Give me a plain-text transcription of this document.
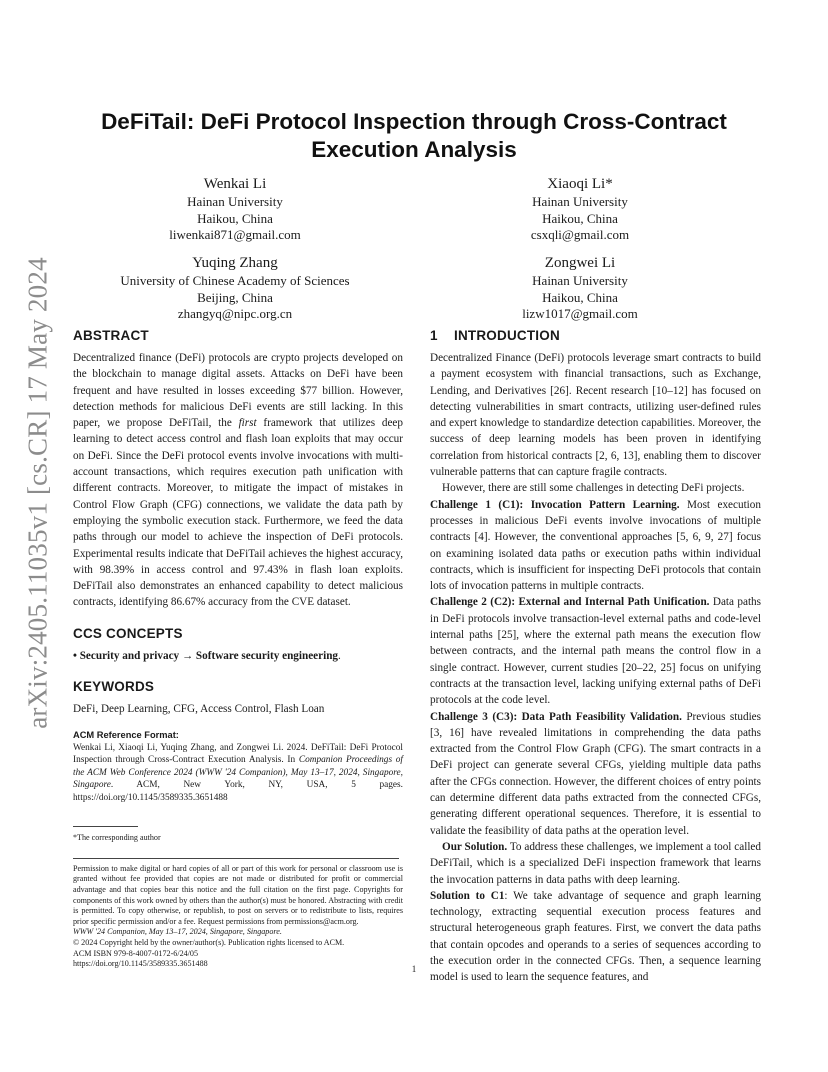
arXiv:2405.11035v1 [cs.CR] 17 May 2024
DeFiTail: DeFi Protocol Inspection through Cross-Contract
Execution Analysis
Wenkai Li
Hainan University
Haikou, China
liwenkai871@gmail.com
Xiaoqi Li*
Hainan University
Haikou, China
csxqli@gmail.com
Yuqing Zhang
University of Chinese Academy of Sciences
Beijing, China
zhangyq@nipc.org.cn
Zongwei Li
Hainan University
Haikou, China
lizw1017@gmail.com
ABSTRACT

Decentralized finance (DeFi) protocols are crypto projects developed on the blockchain to manage digital assets. Attacks on DeFi have been frequent and have resulted in losses exceeding $77 billion. However, detection methods for malicious DeFi events are still lacking. In this paper, we propose DeFiTail, the first framework that utilizes deep learning to detect access control and flash loan exploits that may occur on DeFi. Since the DeFi protocol events involve invocations with multi-account transactions, which requires execution path unification with different contracts. Moreover, to mitigate the impact of mistakes in Control Flow Graph (CFG) connections, we validate the data path by employing the symbolic execution stack. Furthermore, we feed the data paths through our model to achieve the inspection of DeFi protocols. Experimental results indicate that DeFiTail achieves the highest accuracy, with 98.39% in access control and 97.43% in flash loan exploits. DeFiTail also demonstrates an enhanced capability to detect malicious contracts, identifying 86.67% accuracy from the CVE dataset.

CCS CONCEPTS

• Security and privacy → Software security engineering.

KEYWORDS

DeFi, Deep Learning, CFG, Access Control, Flash Loan

ACM Reference Format:

Wenkai Li, Xiaoqi Li, Yuqing Zhang, and Zongwei Li. 2024. DeFiTail: DeFi Protocol Inspection through Cross-Contract Execution Analysis. In Companion Proceedings of the ACM Web Conference 2024 (WWW '24 Companion), May 13–17, 2024, Singapore, Singapore. ACM, New York, NY, USA, 5 pages. https://doi.org/10.1145/3589335.3651488

*The corresponding author

Permission to make digital or hard copies of all or part of this work for personal or classroom use is granted without fee provided that copies are not made or distributed for profit or commercial advantage and that copies bear this notice and the full citation on the first page. Copyrights for components of this work owned by others than the author(s) must be honored. Abstracting with credit is permitted. To copy otherwise, or republish, to post on servers or to redistribute to lists, requires prior specific permission and/or a fee. Request permissions from permissions@acm.org.

WWW '24 Companion, May 13–17, 2024, Singapore, Singapore.

© 2024 Copyright held by the owner/author(s). Publication rights licensed to ACM.

ACM ISBN 979-8-4007-0172-6/24/05

https://doi.org/10.1145/3589335.3651488

1 INTRODUCTION

Decentralized Finance (DeFi) protocols leverage smart contracts to build a payment ecosystem with financial transactions, such as Exchange, Lending, and Derivatives [26]. Recent research [10–12] has focused on detecting vulnerabilities in smart contracts, utilizing user-defined rules and expert knowledge to standardize detection capabilities. Moreover, the success of deep learning models has been proven in identifying correlation from historical contracts [2, 6, 13], enabling them to discover vulnerable patterns that can capture fragile contracts.

However, there are still some challenges in detecting DeFi projects.

Challenge 1 (C1): Invocation Pattern Learning. Most execution processes in malicious DeFi events involve invocations of multiple contracts [4]. However, the conventional approaches [5, 6, 9, 27] focus on examining isolated data paths or execution paths within individual contracts, which is insufficient for inspecting DeFi protocols that contain lots of invocation patterns in multiple contracts.

Challenge 2 (C2): External and Internal Path Unification. Data paths in DeFi protocols involve transaction-level external paths and code-level internal paths [25], where the external path means the execution flow between contracts, and the internal path means the control flow in a single contract. However, current studies [20–22, 25] focus on unifying contracts at the transaction level, lacking unifying external paths of DeFi protocols at the code level.

Challenge 3 (C3): Data Path Feasibility Validation. Previous studies [3, 16] have revealed limitations in comprehending the data paths extracted from the Control Flow Graph (CFG). The smart contracts in a DeFi project can generate several CFGs, yielding multiple data paths after the CFGs connection. However, the different choices of entry points can determine different data paths extracted from the connected CFGs, generating different operational sequences. Therefore, it is essential to validate the feasibility of data paths at the operation level.

Our Solution. To address these challenges, we implement a tool called DeFiTail, which is a specialized DeFi inspection framework that learns the invocation patterns in data paths with deep learning.

Solution to C1: We take advantage of sequence and graph learning technology, extracting sequential execution process features and structural heterogeneous graph features. First, we convert the data paths that contain opcodes and operands to a series of sequences according to the execution order in the connected CFGs. Then, a sequence learning model is used to learn the sequence features, and

1
